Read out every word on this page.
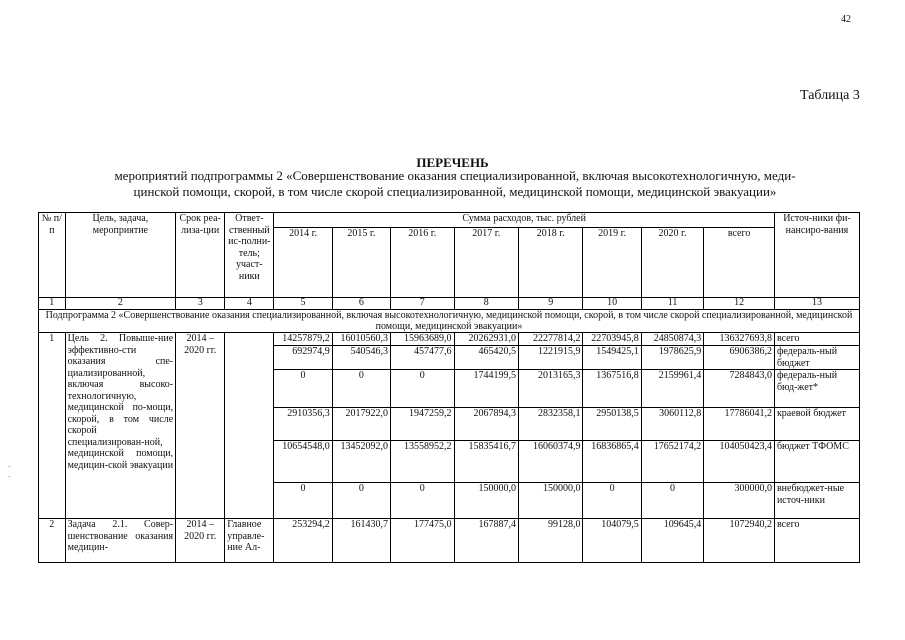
42
Таблица 3
ПЕРЕЧЕНЬ
мероприятий подпрограммы 2 «Совершенствование оказания специализированной, включая высокотехнологичную, меди-
цинской помощи, скорой, в том числе скорой специализированной, медицинской помощи, медицинской эвакуации»
-
-
№ п/п	Цель, задача, мероприятие	Срок реа-лиза-ции	Ответ-ственный ис-полни-тель; участ-ники	Сумма расходов, тыс. рублей								Источ-ники фи-нансиро-вания
				2014 г.	2015 г.	2016 г.	2017 г.	2018 г.	2019 г.	2020 г.	всего	
1	2	3	4	5	6	7	8	9	10	11	12	13
Подпрограмма 2 «Совершенствование оказания специализированной, включая высокотехнологичную, медицинской помощи, скорой, в том числе скорой специализированной, медицинской помощи, медицинской эвакуации»												
1	Цель 2. Повыше-ние эффективно-сти оказания спе-циализированной, включая высоко-технологичную, медицинской по-мощи, скорой, в том числе скорой специализирован-ной, медицинской помощи, медицин-ской эвакуации	2014 – 2020 гг.		14257879,2	16010560,3	15963689,0	20262931,0	22277814,2	22703945,8	24850874,3	136327693,8	всего
				692974,9	540546,3	457477,6	465420,5	1221915,9	1549425,1	1978625,9	6906386,2	федераль-ный бюджет
				0	0	0	1744199,5	2013165,3	1367516,8	2159961,4	7284843,0	федераль-ный бюд-жет*
				2910356,3	2017922,0	1947259,2	2067894,3	2832358,1	2950138,5	3060112,8	17786041,2	краевой бюджет
				10654548,0	13452092,0	13558952,2	15835416,7	16060374,9	16836865,4	17652174,2	104050423,4	бюджет ТФОМС
				0	0	0	150000,0	150000,0	0	0	300000,0	внебюджет-ные источ-ники
2	Задача 2.1. Совер-шенствование оказания медицин-	2014 – 2020 гг.	Главное управле-ние Ал-	253294,2	161430,7	177475,0	167887,4	99128,0	104079,5	109645,4	1072940,2	всего
